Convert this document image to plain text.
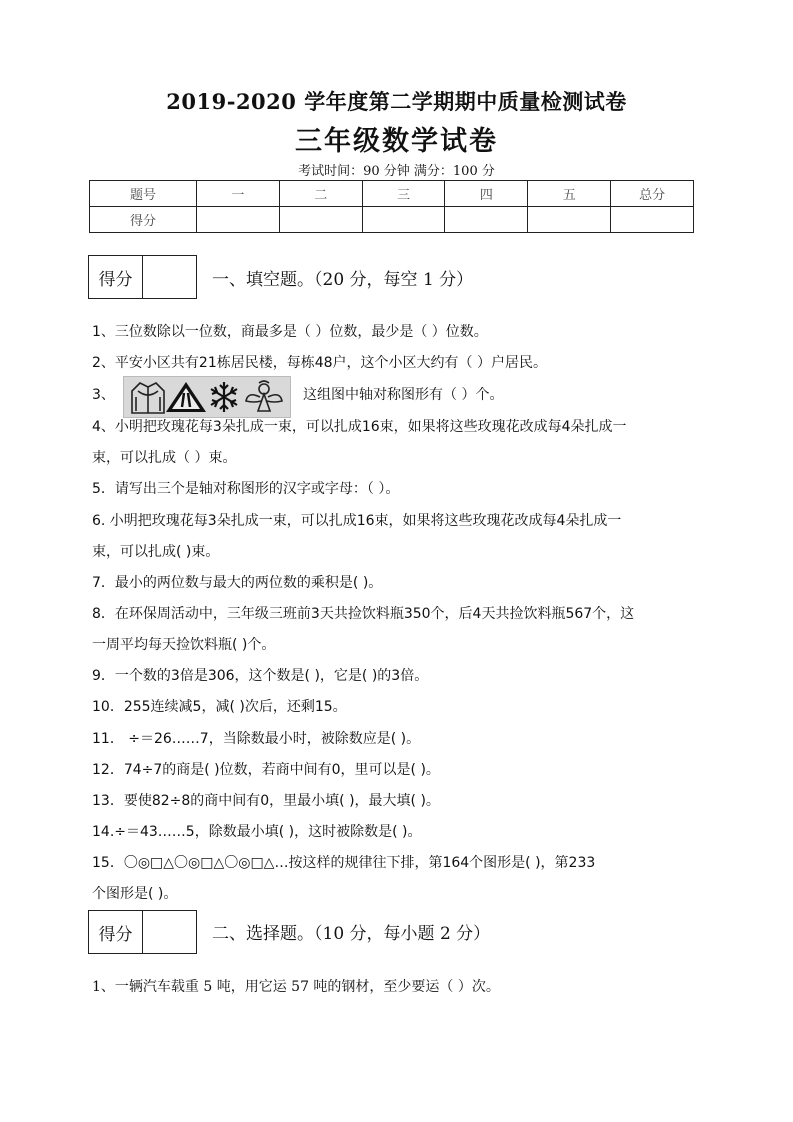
2019-2020 学年度第二学期期中质量检测试卷
三年级数学试卷
考试时间：90 分钟 满分：100 分
题号	一	二	三	四	五	总分
得分						
得分	一、填空题。（20 分，每空 1 分）
1、三位数除以一位数，商最多是（ ）位数，最少是（ ）位数。
2、平安小区共有21栋居民楼，每栋48户，这个小区大约有（ ）户居民。
3、	这组图中轴对称图形有（ ）个。
4、小明把玫瑰花每3朵扎成一束，可以扎成16束，如果将这些玫瑰花改成每4朵扎成一
束，可以扎成（ ）束。
5．请写出三个是轴对称图形的汉字或字母：（ ）。
6. 小明把玫瑰花每3朵扎成一束，可以扎成16束，如果将这些玫瑰花改成每4朵扎成一
束，可以扎成( )束。
7．最小的两位数与最大的两位数的乘积是( )。
8．在环保周活动中，三年级三班前3天共捡饮料瓶350个，后4天共捡饮料瓶567个，这
一周平均每天捡饮料瓶( )个。
9．一个数的3倍是306，这个数是( )，它是( )的3倍。
10．255连续减5，减( )次后，还剩15。
11． ÷＝26……7，当除数最小时，被除数应是( )。
12．74÷7的商是( )位数，若商中间有0，里可以是( )。
13．要使82÷8的商中间有0，里最小填( )，最大填( )。
14.÷＝43……5，除数最小填( )，这时被除数是( )。
15．〇◎□△〇◎□△〇◎□△…按这样的规律往下排，第164个图形是( )，第233
个图形是( )。
得分	二、选择题。（10 分，每小题 2 分）
1、一辆汽车载重 5 吨，用它运 57 吨的钢材，至少要运（ ）次。
